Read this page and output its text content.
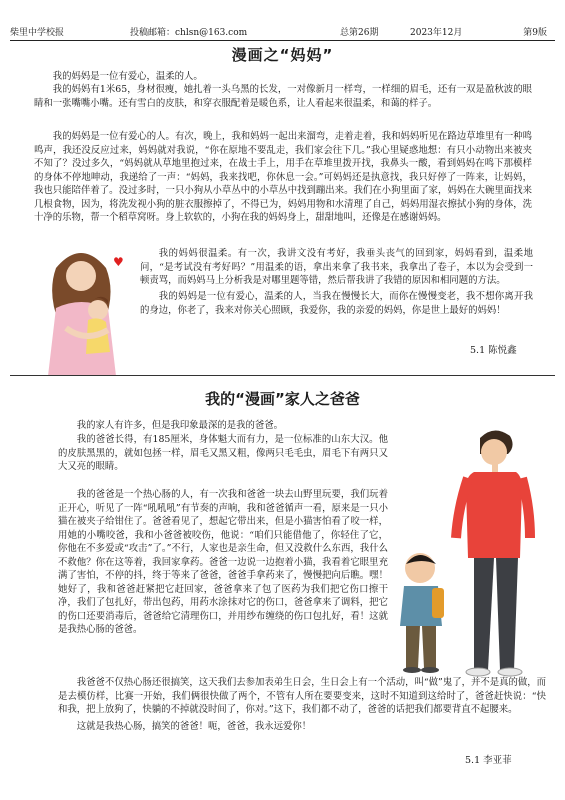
柴里中学校报	投稿邮箱：chlsn@163.com	总第26期	2023年12月	第9版
漫画之“妈妈”

我的妈妈是一位有爱心，温柔的人。

我的妈妈有1米65，身材很瘦，她扎着一头乌黑的长发，一对像新月一样弯，一样细的眉毛，还有一双是盈秋波的眼睛和一张嘴嘴小嘴。还有雪白的皮肤，和穿衣服配着是暖色系，让人看起来很温柔，和蔼的样子。

我的妈妈是一位有爱心的人。有次，晚上，我和妈妈一起出来溜弯，走着走着，我和妈妈听见在路边草堆里有一种鸣鸣声，我还没反应过来，妈妈就对我说，“你在原地不要乱走，我们家会往下几。”我心里疑惑地想：有只小动物出来被夹不知了？没过多久，“妈妈就从草地里抱过来，在战士手上，用手在草堆里拨开找，我鼻头一酸，看到妈妈在鸣下那模样的身体不停地呻动，我递给了一声：“妈妈，我来找吧，你休息一会。”可妈妈还是执意找，我只好停了一阵来，让妈妈，我也只能陪伴着了。没过多时，一只小狗从小草丛中的小草丛中找到蹦出来。我们在小狗里面了家，妈妈在大碗里面找来几根食物，因为，将洗发视小狗的脏衣服擦掉了，不得已为，妈妈用物和水清理了自己，妈妈用湿衣擦拭小狗的身体，洗十净的乐物，帮一个稻草窝呀。身上软软的，小狗在我的妈妈身上，甜甜地叫，还像是在感谢妈妈。

♥

我的妈妈很温柔。有一次，我讲文没有考好，我垂头丧气的回到家，妈妈看到，温柔地问，“是考试没有考好吗？”用温柔的语，拿出来拿了我书来，我拿出了卷子，本以为会受到一顿责骂，而妈妈马上分析我是对哪里题等错，然后帮我讲了我错的原因和相同题的方法。

我的妈妈是一位有爱心，温柔的人，当我在慢慢长大，而你在慢慢变老，我不想你离开我的身边，你老了，我来对你关心照顾，我爱你，我的亲爱的妈妈，你是世上最好的妈妈！

5.1 陈悦鑫
我的“漫画”家人之爸爸

我的家人有许多，但是我印象最深的是我的爸爸。

我的爸爸长得，有185厘米，身体魁大而有力，是一位标准的山东大汉。他的皮肤黑黑的，就如包拯一样，眉毛又黑又粗，像两只毛毛虫，眉毛下有两只又大又亮的眼睛。

我的爸爸是一个热心肠的人，有一次我和爸爸一块去山野里玩要，我们玩着正开心，听见了一阵“吼吼吼”有节奏的声响，我和爸爸循声一看，原来是一只小猫在被夹子给钳住了。爸爸看见了，想起它带出来，但是小猫害怕看了咬一样，用她的小嘴咬爸，我和小爸爸被咬伤，他说：“咱们只能借他了，你轻住了它，你他在不多爱或“攻击”了。”不行，人家也是亲生命，但又没救什么东西，我什么不救他？你在这等着，我回家拿药。爸爸一边说一边抱着小猫，我看着它眼里充满了害怕，不停的抖，终于等来了爸爸，爸爸手拿药来了，慢慢把向后瞧。嘿！她好了，我和爸爸赶紧把它赶回家，爸爸拿来了包了医药为我们把它伤口擦干净，我们了包扎好，带出包药，用药水涂抹对它的伤口，爸爸拿来了调料，把它的伤口还要消毒后，爸爸给它清理伤口，并用纱布缠绕的伤口包扎好，看！这就是我热心肠的爸爸。

我爸爸不仅热心肠还很搞笑，这天我们去参加表弟生日会，生日会上有一个活动，叫“做”鬼了，并不是真的做，而是去模仿样，比赛一开始，我们俩很快做了两个，不管有人所在要要变来，这时不知道到这给时了，爸爸赶快说：“快和我，把上放狗了，快躺的不掉就没时间了，你对。”这下，我们都不动了，爸爸的话把我们都要背直不起腰来。

这就是我热心肠，搞笑的爸爸！呃，爸爸，我永远爱你！

5.1 李亚菲
